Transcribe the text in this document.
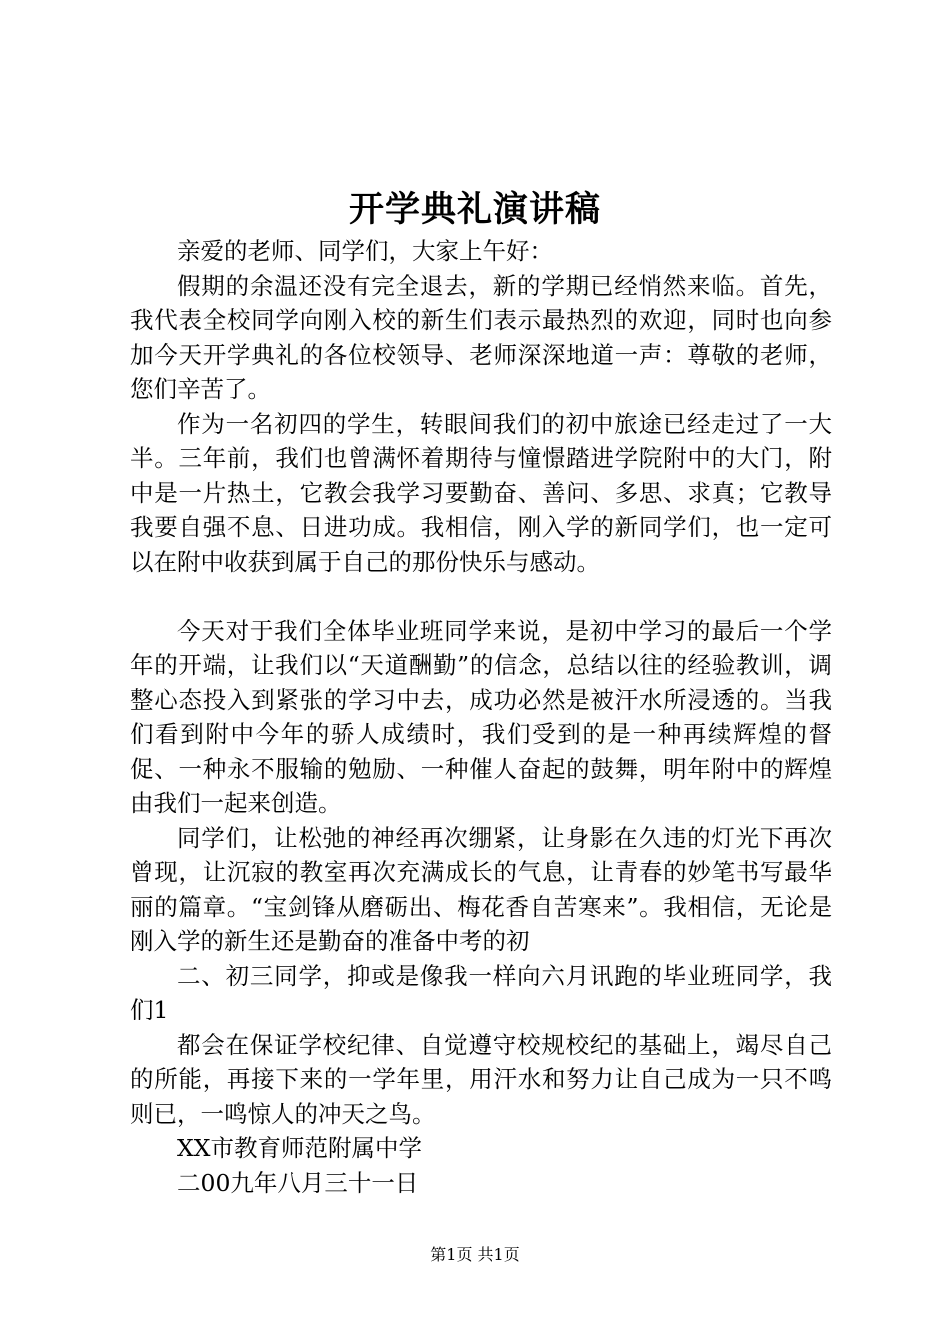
开学典礼演讲稿

亲爱的老师、同学们，大家上午好：

假期的余温还没有完全退去，新的学期已经悄然来临。首先，我代表全校同学向刚入校的新生们表示最热烈的欢迎，同时也向参加今天开学典礼的各位校领导、老师深深地道一声：尊敬的老师，您们辛苦了。

作为一名初四的学生，转眼间我们的初中旅途已经走过了一大半。三年前，我们也曾满怀着期待与憧憬踏进学院附中的大门，附中是一片热土，它教会我学习要勤奋、善问、多思、求真；它教导我要自强不息、日进功成。我相信，刚入学的新同学们，也一定可以在附中收获到属于自己的那份快乐与感动。

今天对于我们全体毕业班同学来说，是初中学习的最后一个学年的开端，让我们以“天道酬勤”的信念，总结以往的经验教训，调整心态投入到紧张的学习中去，成功必然是被汗水所浸透的。当我们看到附中今年的骄人成绩时，我们受到的是一种再续辉煌的督促、一种永不服输的勉励、一种催人奋起的鼓舞，明年附中的辉煌由我们一起来创造。

同学们，让松弛的神经再次绷紧，让身影在久违的灯光下再次曾现，让沉寂的教室再次充满成长的气息，让青春的妙笔书写最华丽的篇章。“宝剑锋从磨砺出、梅花香自苦寒来”。我相信，无论是刚入学的新生还是勤奋的准备中考的初

二、初三同学，抑或是像我一样向六月讯跑的毕业班同学，我们1

都会在保证学校纪律、自觉遵守校规校纪的基础上，竭尽自己的所能，再接下来的一学年里，用汗水和努力让自己成为一只不鸣则已，一鸣惊人的冲天之鸟。

XX市教育师范附属中学

二00九年八月三十一日

第1页 共1页
